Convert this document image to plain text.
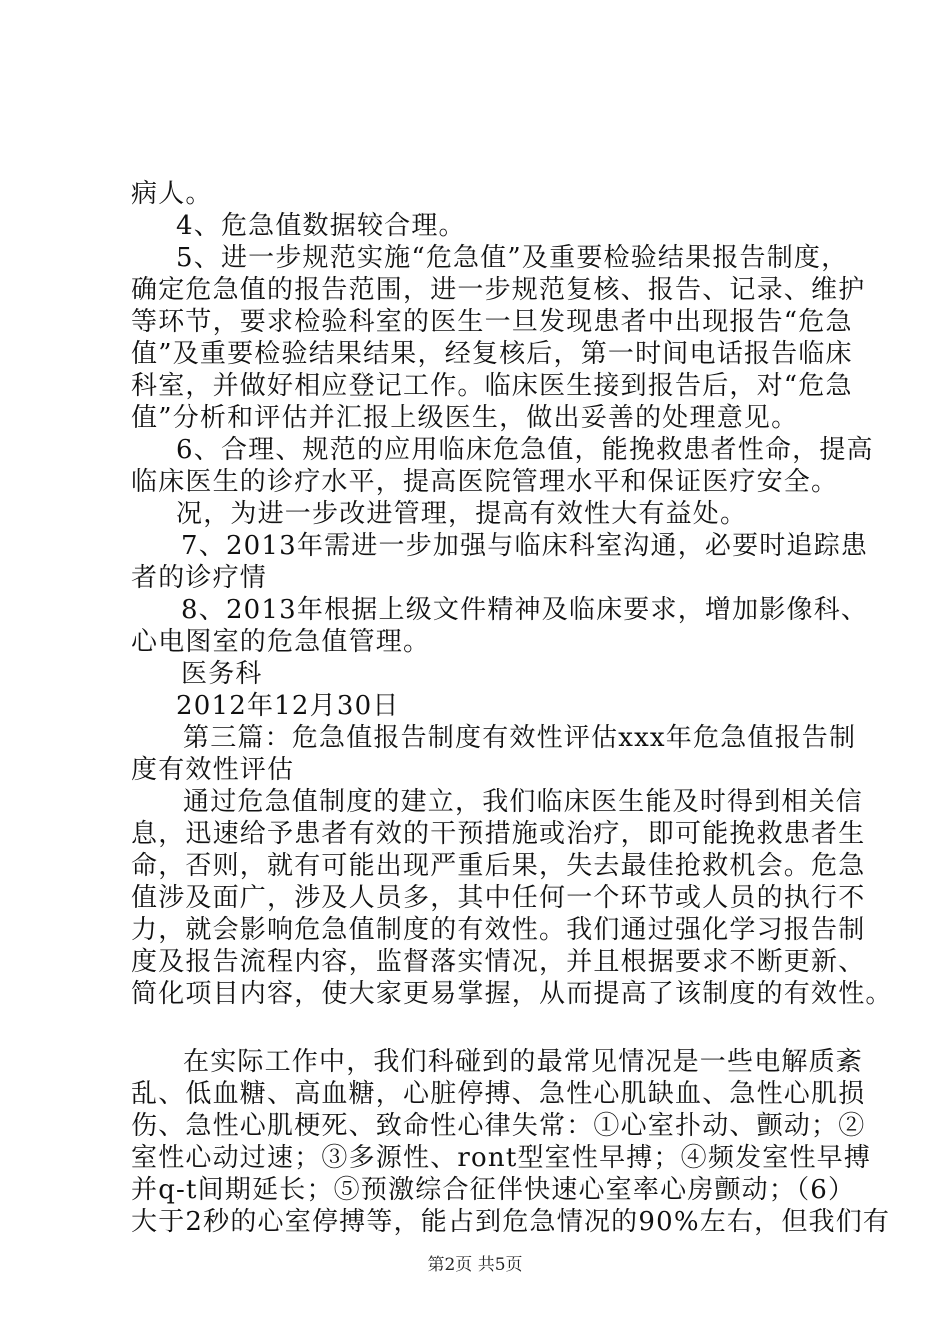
病人。
4、危急值数据较合理。
5、进一步规范实施“危急值”及重要检验结果报告制度，
确定危急值的报告范围，进一步规范复核、报告、记录、维护
等环节，要求检验科室的医生一旦发现患者中出现报告“危急
值”及重要检验结果结果，经复核后，第一时间电话报告临床
科室，并做好相应登记工作。临床医生接到报告后，对“危急
值”分析和评估并汇报上级医生，做出妥善的处理意见。
6、合理、规范的应用临床危急值，能挽救患者性命，提高
临床医生的诊疗水平，提高医院管理水平和保证医疗安全。
况，为进一步改进管理，提高有效性大有益处。
7、2013年需进一步加强与临床科室沟通，必要时追踪患
者的诊疗情
8、2013年根据上级文件精神及临床要求，增加影像科、
心电图室的危急值管理。
医务科
2012年12月30日
第三篇：危急值报告制度有效性评估xxx年危急值报告制
度有效性评估
通过危急值制度的建立，我们临床医生能及时得到相关信
息，迅速给予患者有效的干预措施或治疗，即可能挽救患者生
命，否则，就有可能出现严重后果，失去最佳抢救机会。危急
值涉及面广，涉及人员多，其中任何一个环节或人员的执行不
力，就会影响危急值制度的有效性。我们通过强化学习报告制
度及报告流程内容，监督落实情况，并且根据要求不断更新、
简化项目内容，使大家更易掌握，从而提高了该制度的有效性。
在实际工作中，我们科碰到的最常见情况是一些电解质紊
乱、低血糖、高血糖，心脏停搏、急性心肌缺血、急性心肌损
伤、急性心肌梗死、致命性心律失常：①心室扑动、颤动；②
室性心动过速；③多源性、ront型室性早搏；④频发室性早搏
并q-t间期延长；⑤预激综合征伴快速心室率心房颤动；（6）
大于2秒的心室停搏等，能占到危急情况的90%左右，但我们有
第2页 共5页
